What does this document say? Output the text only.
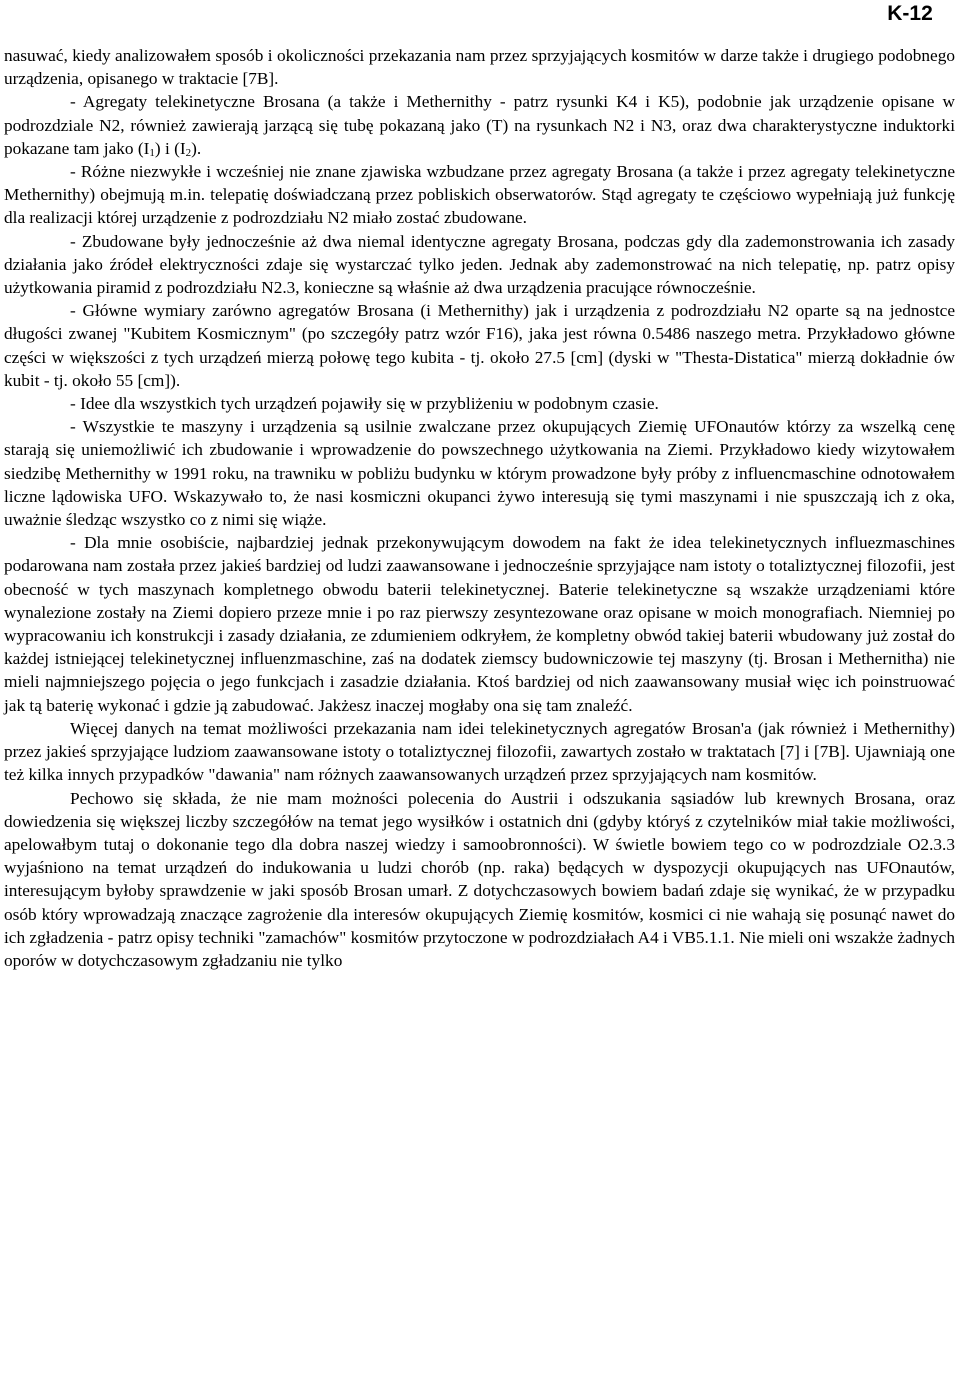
K-12

nasuwać, kiedy analizowałem sposób i okoliczności przekazania nam przez sprzyjających kosmitów w darze także i drugiego podobnego urządzenia, opisanego w traktacie [7B].

- Agregaty telekinetyczne Brosana (a także i Methernithy - patrz rysunki K4 i K5), podobnie jak urządzenie opisane w podrozdziale N2, również zawierają jarzącą się tubę pokazaną jako (T) na rysunkach N2 i N3, oraz dwa charakterystyczne induktorki pokazane tam jako $(I_1)$ i $(I_2)$.

- Różne niezwykłe i wcześniej nie znane zjawiska wzbudzane przez agregaty Brosana (a także i przez agregaty telekinetyczne Methernithy) obejmują m.in. telepatię doświadczaną przez pobliskich obserwatorów. Stąd agregaty te częściowo wypełniają już funkcję dla realizacji której urządzenie z podrozdziału N2 miało zostać zbudowane.

- Zbudowane były jednocześnie aż dwa niemal identyczne agregaty Brosana, podczas gdy dla zademonstrowania ich zasady działania jako źródeł elektryczności zdaje się wystarczać tylko jeden. Jednak aby zademonstrować na nich telepatię, np. patrz opisy użytkowania piramid z podrozdziału N2.3, konieczne są właśnie aż dwa urządzenia pracujące równocześnie.

- Główne wymiary zarówno agregatów Brosana (i Methernithy) jak i urządzenia z podrozdziału N2 oparte są na jednostce długości zwanej "Kubitem Kosmicznym" (po szczegóły patrz wzór F16), jaka jest równa 0.5486 naszego metra. Przykładowo główne części w większości z tych urządzeń mierzą połowę tego kubita - tj. około 27.5 [cm] (dyski w "Thesta-Distatica" mierzą dokładnie ów kubit - tj. około 55 [cm]).

- Idee dla wszystkich tych urządzeń pojawiły się w przybliżeniu w podobnym czasie.

- Wszystkie te maszyny i urządzenia są usilnie zwalczane przez okupujących Ziemię UFOnautów którzy za wszelką cenę starają się uniemożliwić ich zbudowanie i wprowadzenie do powszechnego użytkowania na Ziemi. Przykładowo kiedy wizytowałem siedzibę Methernithy w 1991 roku, na trawniku w pobliżu budynku w którym prowadzone były próby z influencmaschine odnotowałem liczne lądowiska UFO. Wskazywało to, że nasi kosmiczni okupanci żywo interesują się tymi maszynami i nie spuszczają ich z oka, uważnie śledząc wszystko co z nimi się wiąże.

- Dla mnie osobiście, najbardziej jednak przekonywującym dowodem na fakt że idea telekinetycznych influezmaschines podarowana nam została przez jakieś bardziej od ludzi zaawansowane i jednocześnie sprzyjające nam istoty o totaliztycznej filozofii, jest obecność w tych maszynach kompletnego obwodu baterii telekinetycznej. Baterie telekinetyczne są wszakże urządzeniami które wynalezione zostały na Ziemi dopiero przeze mnie i po raz pierwszy zesyntezowane oraz opisane w moich monografiach. Niemniej po wypracowaniu ich konstrukcji i zasady działania, ze zdumieniem odkryłem, że kompletny obwód takiej baterii wbudowany już został do każdej istniejącej telekinetycznej influenzmaschine, zaś na dodatek ziemscy budowniczowie tej maszyny (tj. Brosan i Methernitha) nie mieli najmniejszego pojęcia o jego funkcjach i zasadzie działania. Ktoś bardziej od nich zaawansowany musiał więc ich poinstruować jak tą baterię wykonać i gdzie ją zabudować. Jakżesz inaczej mogłaby ona się tam znaleźć.

Więcej danych na temat możliwości przekazania nam idei telekinetycznych agregatów Brosan'a (jak również i Methernithy) przez jakieś sprzyjające ludziom zaawansowane istoty o totaliztycznej filozofii, zawartych zostało w traktatach [7] i [7B]. Ujawniają one też kilka innych przypadków "dawania" nam różnych zaawansowanych urządzeń przez sprzyjających nam kosmitów.

Pechowo się składa, że nie mam możności polecenia do Austrii i odszukania sąsiadów lub krewnych Brosana, oraz dowiedzenia się większej liczby szczegółów na temat jego wysiłków i ostatnich dni (gdyby któryś z czytelników miał takie możliwości, apelowałbym tutaj o dokonanie tego dla dobra naszej wiedzy i samoobronności). W świetle bowiem tego co w podrozdziale O2.3.3 wyjaśniono na temat urządzeń do indukowania u ludzi chorób (np. raka) będących w dyspozycji okupujących nas UFOnautów, interesującym byłoby sprawdzenie w jaki sposób Brosan umarł. Z dotychczasowych bowiem badań zdaje się wynikać, że w przypadku osób który wprowadzają znaczące zagrożenie dla interesów okupujących Ziemię kosmitów, kosmici ci nie wahają się posunąć nawet do ich zgładzenia - patrz opisy techniki "zamachów" kosmitów przytoczone w podrozdziałach A4 i VB5.1.1. Nie mieli oni wszakże żadnych oporów w dotychczasowym zgładzaniu nie tylko
